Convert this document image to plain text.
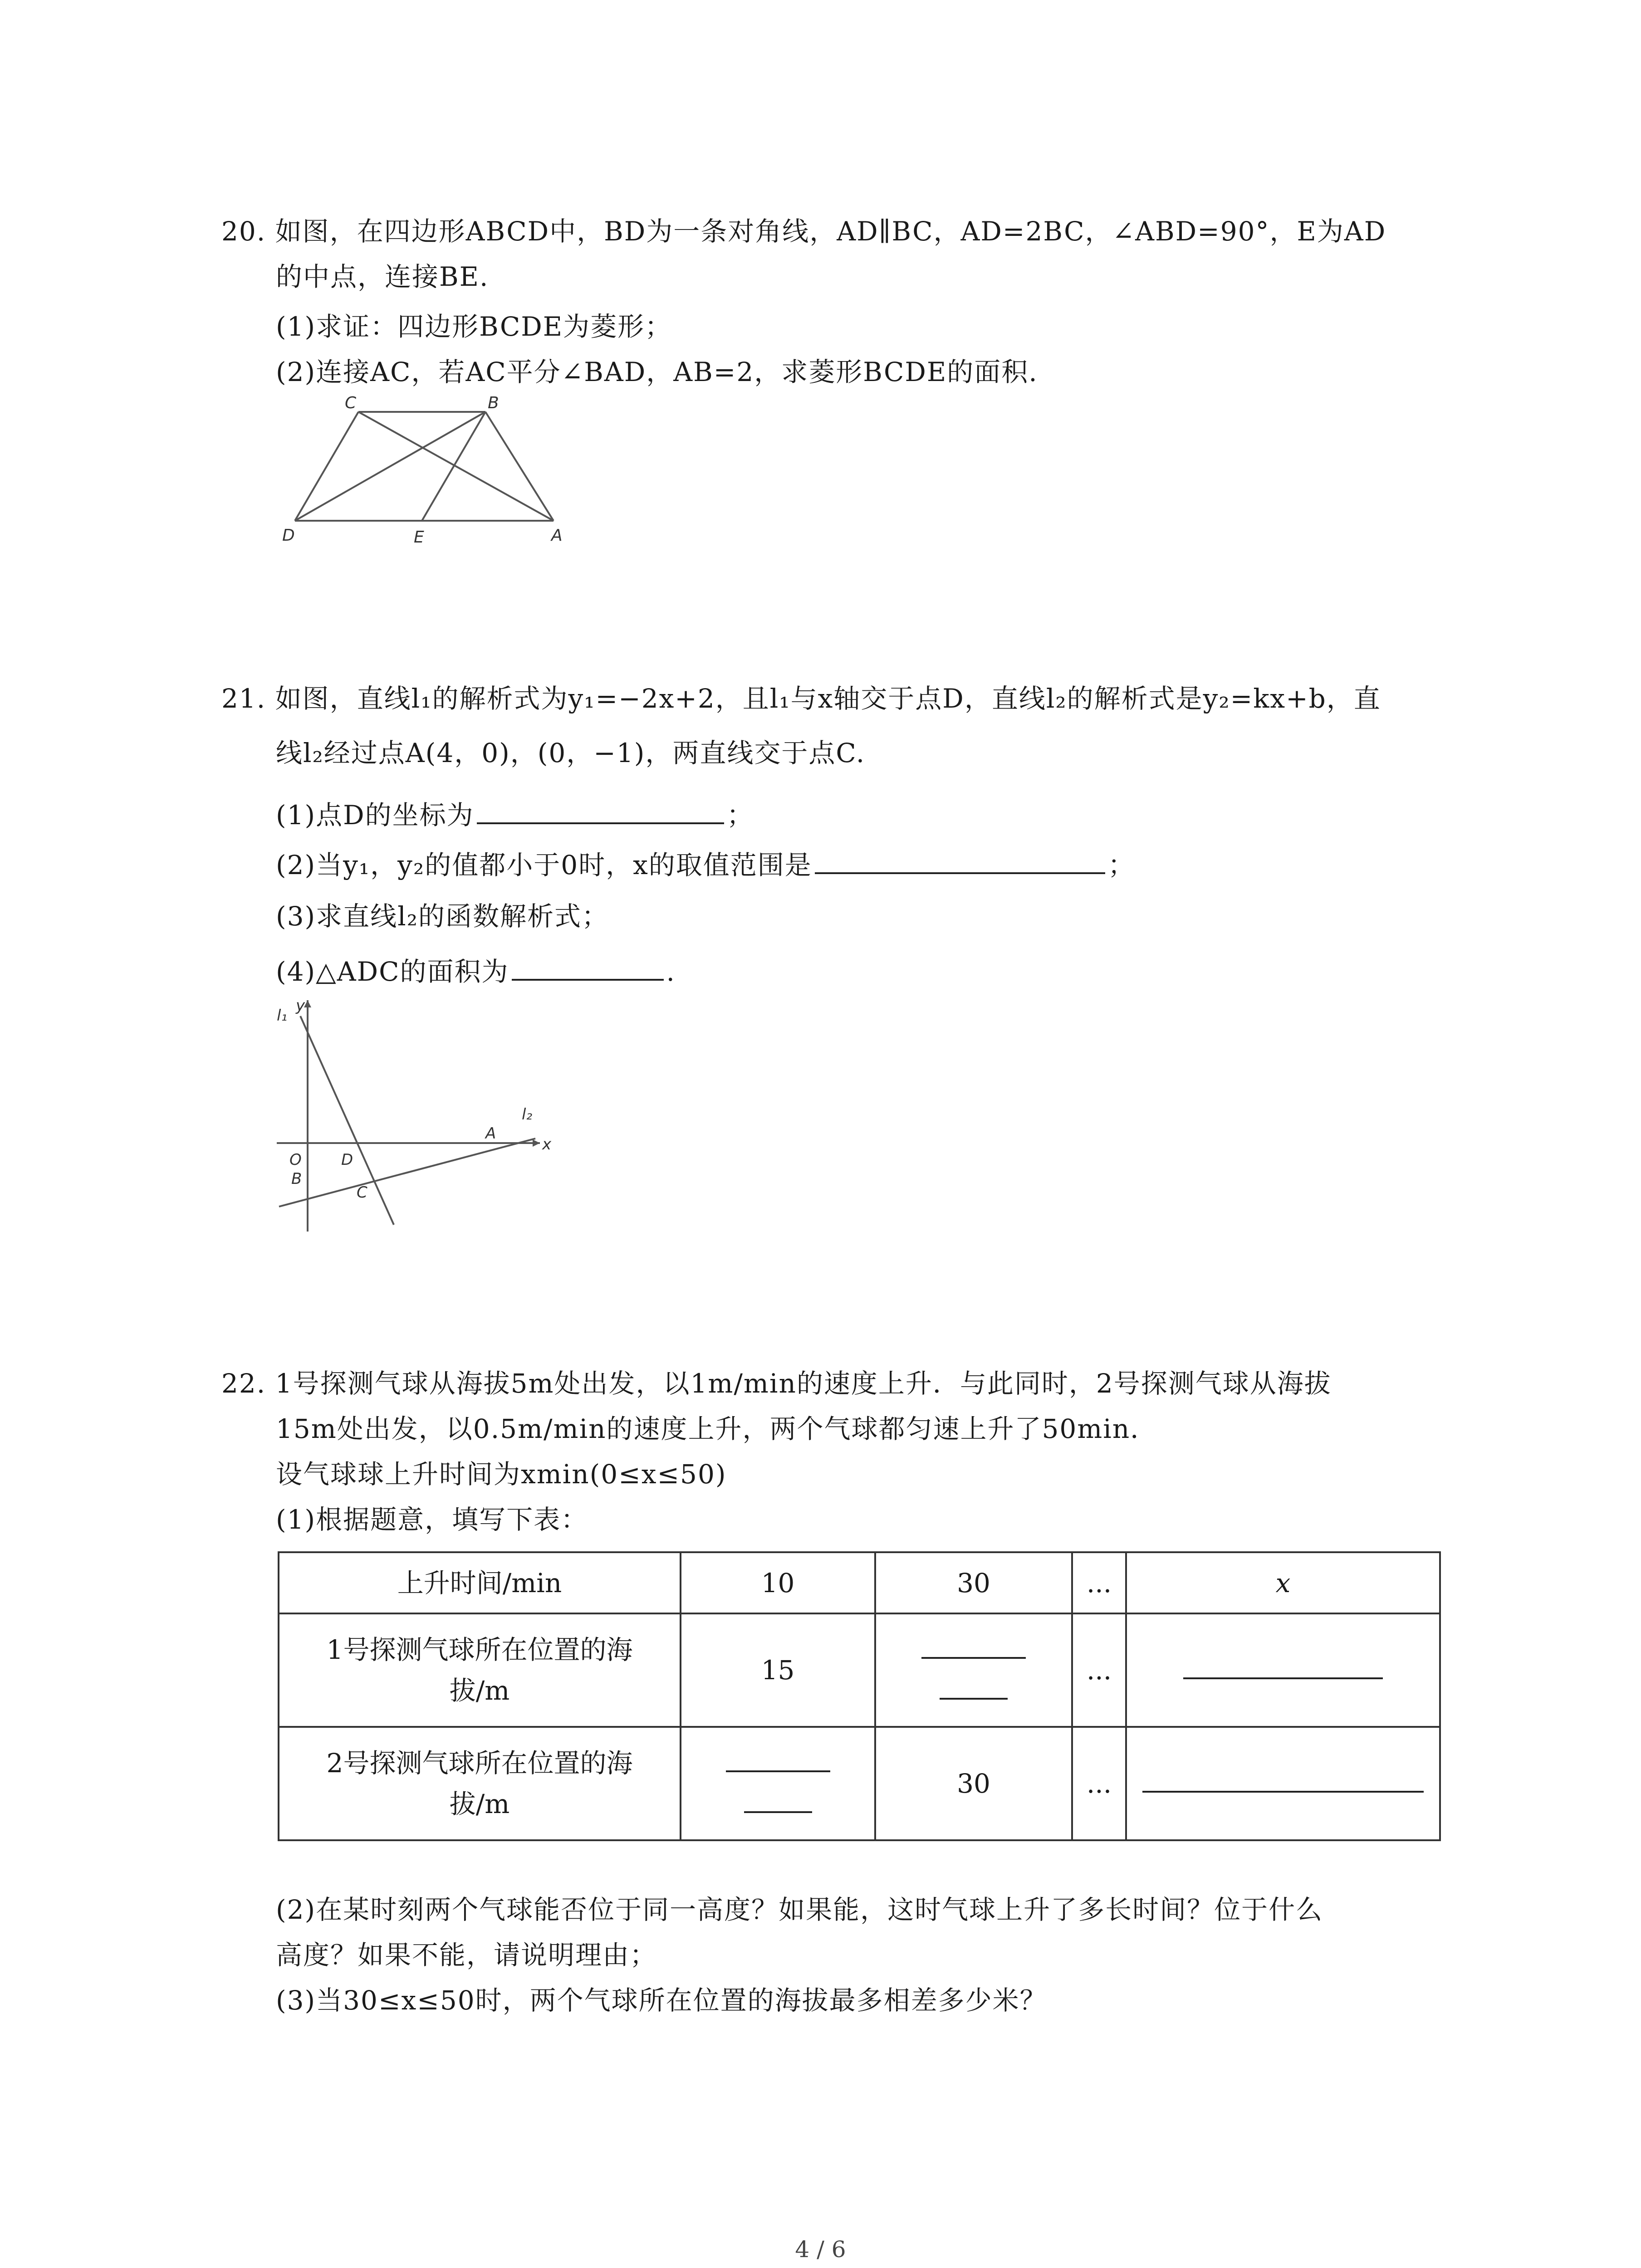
20. 如图，在四边形ABCD中，BD为一条对角线，AD∥BC，AD=2BC，∠ABD=90°，E为AD
的中点，连接BE.
(1)求证：四边形BCDE为菱形；
(2)连接AC，若AC平分∠BAD，AB=2，求菱形BCDE的面积.
C	B
D	E	A
21. 如图，直线l₁的解析式为y₁=−2x+2，且l₁与x轴交于点D，直线l₂的解析式是y₂=kx+b，直
线l₂经过点A(4，0)，(0，−1)，两直线交于点C.
(1)点D的坐标为	；
(2)当y₁，y₂的值都小于0时，x的取值范围是	；
(3)求直线l₂的函数解析式；
(4)△ADC的面积为	.
l₁
y
l₂
A
x
O	D
B
C
22. 1号探测气球从海拔5m处出发，以1m/min的速度上升．与此同时，2号探测气球从海拔
15m处出发，以0.5m/min的速度上升，两个气球都匀速上升了50min．
设气球球上升时间为xmin(0≤x≤50)
(1)根据题意，填写下表：
上升时间/min	10	30	...	x

1号探测气球所在位置的海
拔/m	15		...	

2号探测气球所在位置的海
拔/m		30	...	
(2)在某时刻两个气球能否位于同一高度？如果能，这时气球上升了多长时间？位于什么
高度？如果不能，请说明理由；
(3)当30≤x≤50时，两个气球所在位置的海拔最多相差多少米？
4 / 6
